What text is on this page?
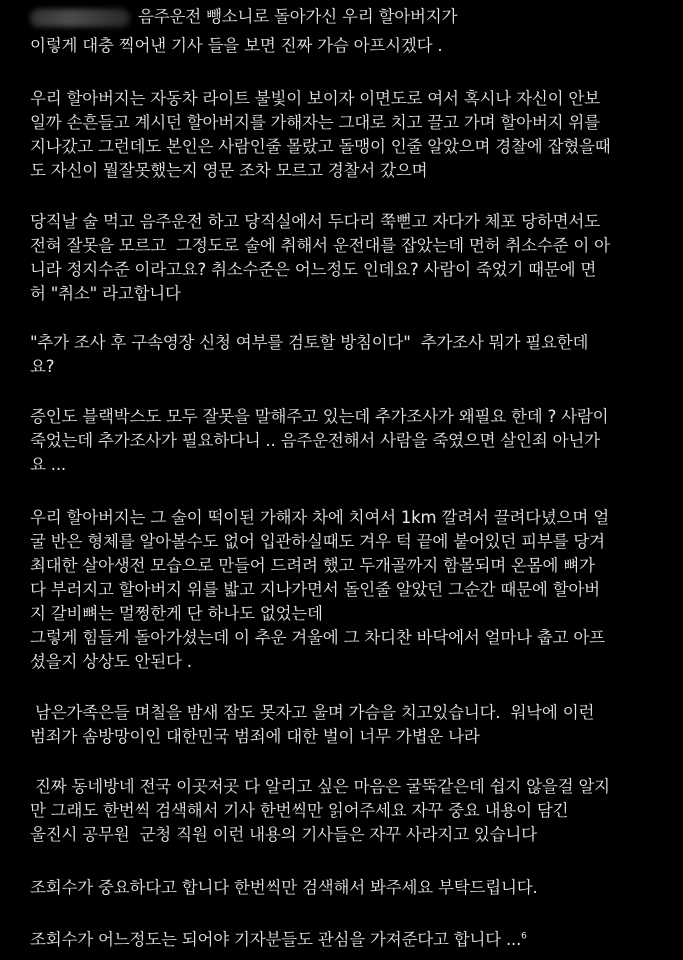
음주운전 뺑소니로 돌아가신 우리 할아버지가

이렇게 대충 찍어낸 기사 들을 보면 진짜 가슴 아프시겠다 .

우리 할아버지는 자동차 라이트 불빛이 보이자 이면도로 여서 혹시나 자신이 안보

일까 손흔들고 계시던 할아버지를 가해자는 그대로 치고 끌고 가며 할아버지 위를

지나갔고 그런데도 본인은 사람인줄 몰랐고 돌맹이 인줄 알았으며 경찰에 잡혔을때

도 자신이 뭘잘못했는지 영문 조차 모르고 경찰서 갔으며

당직날 술 먹고 음주운전 하고 당직실에서 두다리 쭉뻗고 자다가 체포 당하면서도

전혀 잘못을 모르고  그정도로 술에 취해서 운전대를 잡았는데 면허 취소수준 이 아

니라 정지수준 이라고요? 취소수준은 어느정도 인데요? 사람이 죽었기 때문에 면

허 "취소" 라고합니다

"추가 조사 후 구속영장 신청 여부를 검토할 방침이다"  추가조사 뭐가 필요한데

요?

증인도 블랙박스도 모두 잘못을 말해주고 있는데 추가조사가 왜필요 한데 ? 사람이

죽었는데 추가조사가 필요하다니 .. 음주운전해서 사람을 죽였으면 살인죄 아닌가

요 ...

우리 할아버지는 그 술이 떡이된 가해자 차에 치여서 1km 깔려서 끌려다녔으며 얼

굴 반은 형체를 알아볼수도 없어 입관하실때도 겨우 턱 끝에 붙어있던 피부를 당겨

최대한 살아생전 모습으로 만들어 드려려 했고 두개골까지 함몰되며 온몸에 뼈가

다 부러지고 할아버지 위를 밟고 지나가면서 돌인줄 알았던 그순간 때문에 할아버

지 갈비뼈는 멀쩡한게 단 하나도 없었는데

그렇게 힘들게 돌아가셨는데 이 추운 겨울에 그 차디찬 바닥에서 얼마나 춥고 아프

셨을지 상상도 안된다 .

남은가족은들 며칠을 밤새 잠도 못자고 울며 가슴을 치고있습니다.  워낙에 이런

범죄가 솜방망이인 대한민국 범죄에 대한 벌이 너무 가볍운 나라

진짜 동네방네 전국 이곳저곳 다 알리고 싶은 마음은 굴뚝같은데 쉽지 않을걸 알지

만 그래도 한번씩 검색해서 기사 한번씩만 읽어주세요 자꾸 중요 내용이 담긴

울진시 공무원  군청 직원 이런 내용의 기사들은 자꾸 사라지고 있습니다

조회수가 중요하다고 합니다 한번씩만 검색해서 봐주세요 부탁드립니다.

조회수가 어느정도는 되어야 기자분들도 관심을 가져준다고 합니다 ...$^6$
